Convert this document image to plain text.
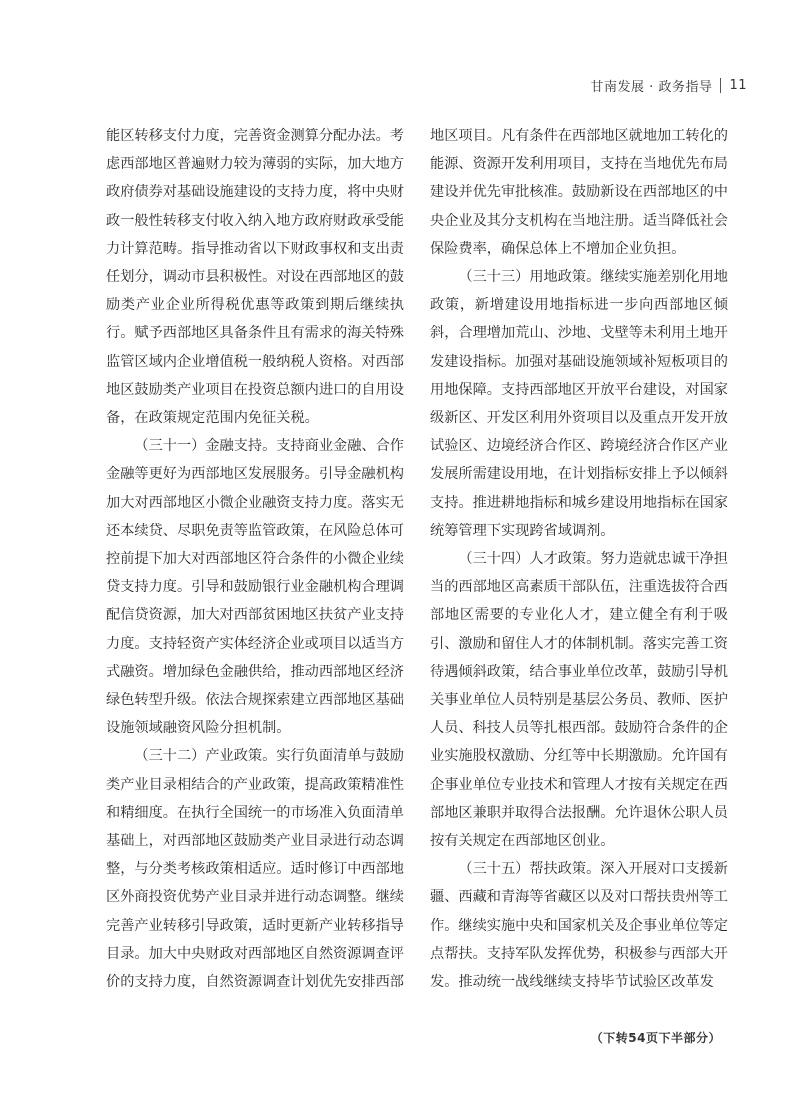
甘南发展 · 政务指导 11

能区转移支付力度，完善资金测算分配办法。考虑西部地区普遍财力较为薄弱的实际，加大地方政府债券对基础设施建设的支持力度，将中央财政一般性转移支付收入纳入地方政府财政承受能力计算范畴。指导推动省以下财政事权和支出责任划分，调动市县积极性。对设在西部地区的鼓励类产业企业所得税优惠等政策到期后继续执行。赋予西部地区具备条件且有需求的海关特殊监管区域内企业增值税一般纳税人资格。对西部地区鼓励类产业项目在投资总额内进口的自用设备，在政策规定范围内免征关税。

（三十一）金融支持。支持商业金融、合作金融等更好为西部地区发展服务。引导金融机构加大对西部地区小微企业融资支持力度。落实无还本续贷、尽职免责等监管政策，在风险总体可控前提下加大对西部地区符合条件的小微企业续贷支持力度。引导和鼓励银行业金融机构合理调配信贷资源，加大对西部贫困地区扶贫产业支持力度。支持轻资产实体经济企业或项目以适当方式融资。增加绿色金融供给，推动西部地区经济绿色转型升级。依法合规探索建立西部地区基础设施领域融资风险分担机制。

（三十二）产业政策。实行负面清单与鼓励类产业目录相结合的产业政策，提高政策精准性和精细度。在执行全国统一的市场准入负面清单基础上，对西部地区鼓励类产业目录进行动态调整，与分类考核政策相适应。适时修订中西部地区外商投资优势产业目录并进行动态调整。继续完善产业转移引导政策，适时更新产业转移指导目录。加大中央财政对西部地区自然资源调查评价的支持力度，自然资源调查计划优先安排西部

地区项目。凡有条件在西部地区就地加工转化的能源、资源开发利用项目，支持在当地优先布局建设并优先审批核准。鼓励新设在西部地区的中央企业及其分支机构在当地注册。适当降低社会保险费率，确保总体上不增加企业负担。

（三十三）用地政策。继续实施差别化用地政策，新增建设用地指标进一步向西部地区倾斜，合理增加荒山、沙地、戈壁等未利用土地开发建设指标。加强对基础设施领域补短板项目的用地保障。支持西部地区开放平台建设，对国家级新区、开发区利用外资项目以及重点开发开放试验区、边境经济合作区、跨境经济合作区产业发展所需建设用地，在计划指标安排上予以倾斜支持。推进耕地指标和城乡建设用地指标在国家统筹管理下实现跨省域调剂。

（三十四）人才政策。努力造就忠诚干净担当的西部地区高素质干部队伍，注重选拔符合西部地区需要的专业化人才，建立健全有利于吸引、激励和留住人才的体制机制。落实完善工资待遇倾斜政策，结合事业单位改革，鼓励引导机关事业单位人员特别是基层公务员、教师、医护人员、科技人员等扎根西部。鼓励符合条件的企业实施股权激励、分红等中长期激励。允许国有企事业单位专业技术和管理人才按有关规定在西部地区兼职并取得合法报酬。允许退休公职人员按有关规定在西部地区创业。

（三十五）帮扶政策。深入开展对口支援新疆、西藏和青海等省藏区以及对口帮扶贵州等工作。继续实施中央和国家机关及企事业单位等定点帮扶。支持军队发挥优势，积极参与西部大开发。推动统一战线继续支持毕节试验区改革发

（下转54页下半部分）
